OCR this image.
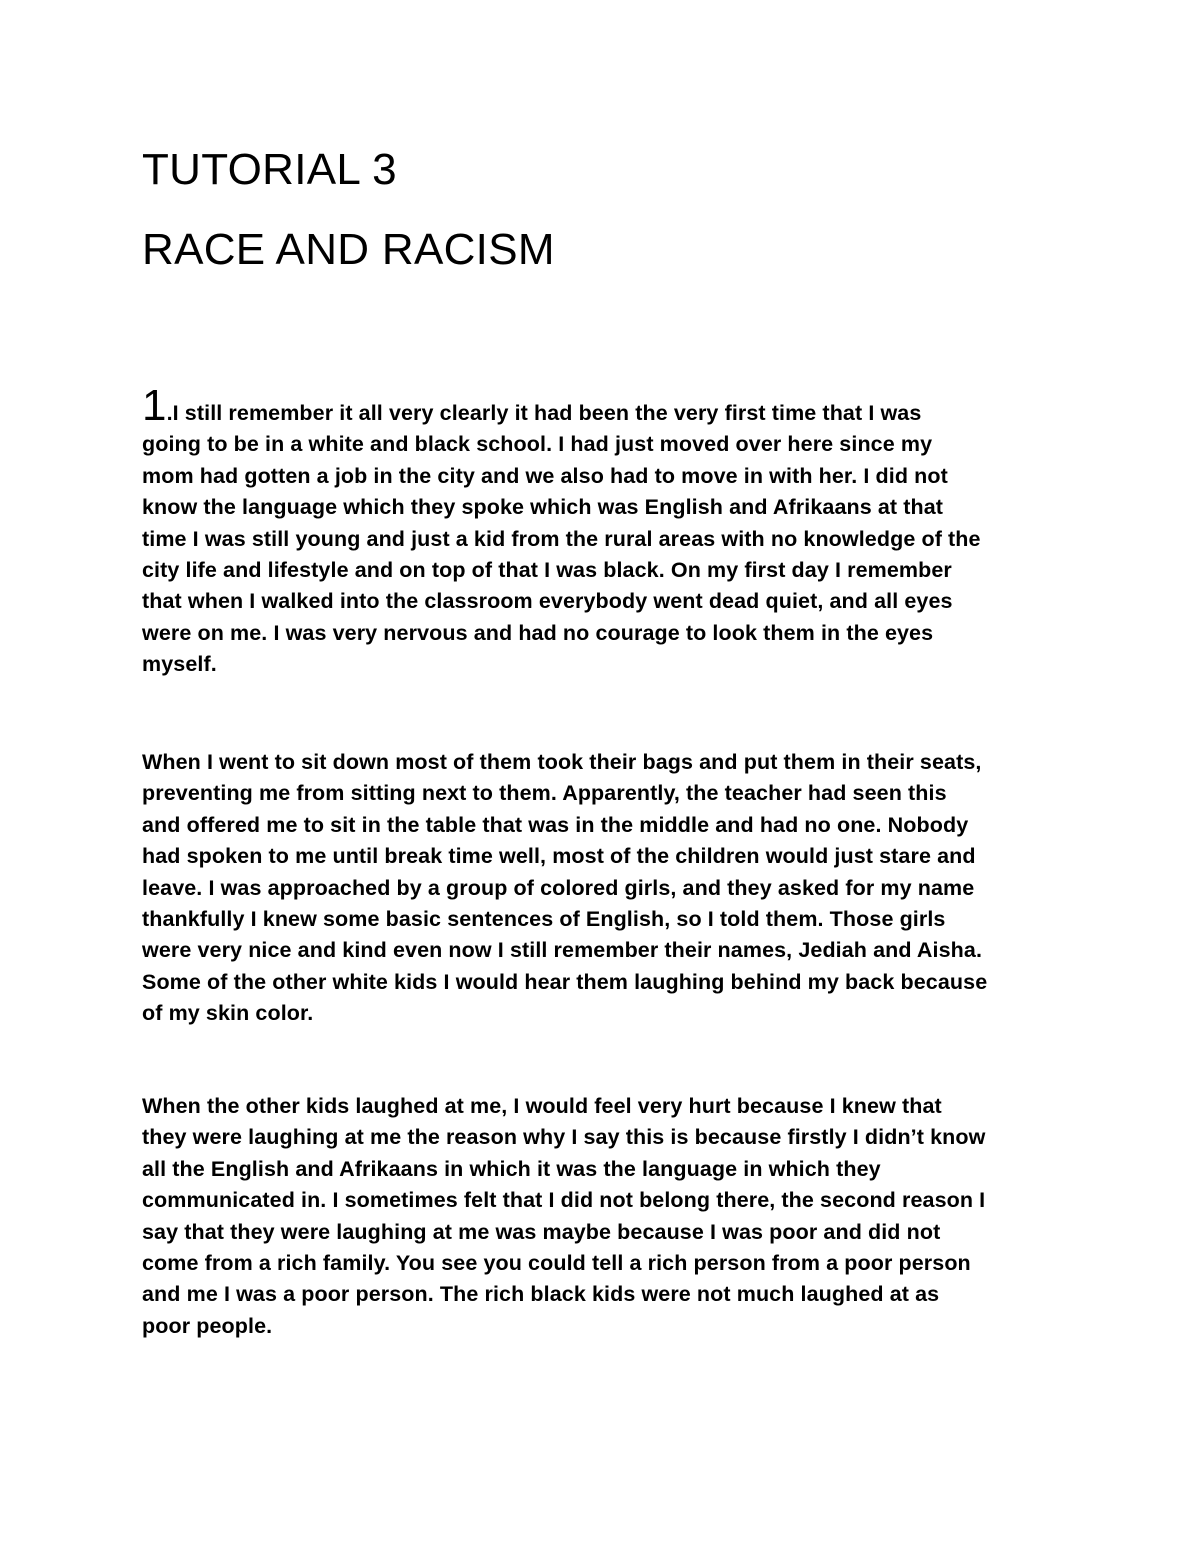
TUTORIAL 3
RACE AND RACISM

1.I still remember it all very clearly it had been the very first time that I was
going to be in a white and black school. I had just moved over here since my
mom had gotten a job in the city and we also had to move in with her. I did not
know the language which they spoke which was English and Afrikaans at that
time I was still young and just a kid from the rural areas with no knowledge of the
city life and lifestyle and on top of that I was black. On my first day I remember
that when I walked into the classroom everybody went dead quiet, and all eyes
were on me. I was very nervous and had no courage to look them in the eyes
myself.

When I went to sit down most of them took their bags and put them in their seats,
preventing me from sitting next to them. Apparently, the teacher had seen this
and offered me to sit in the table that was in the middle and had no one. Nobody
had spoken to me until break time well, most of the children would just stare and
leave. I was approached by a group of colored girls, and they asked for my name
thankfully I knew some basic sentences of English, so I told them. Those girls
were very nice and kind even now I still remember their names, Jediah and Aisha.
Some of the other white kids I would hear them laughing behind my back because
of my skin color.

When the other kids laughed at me, I would feel very hurt because I knew that
they were laughing at me the reason why I say this is because firstly I didn’t know
all the English and Afrikaans in which it was the language in which they
communicated in. I sometimes felt that I did not belong there, the second reason I
say that they were laughing at me was maybe because I was poor and did not
come from a rich family. You see you could tell a rich person from a poor person
and me I was a poor person. The rich black kids were not much laughed at as
poor people.
